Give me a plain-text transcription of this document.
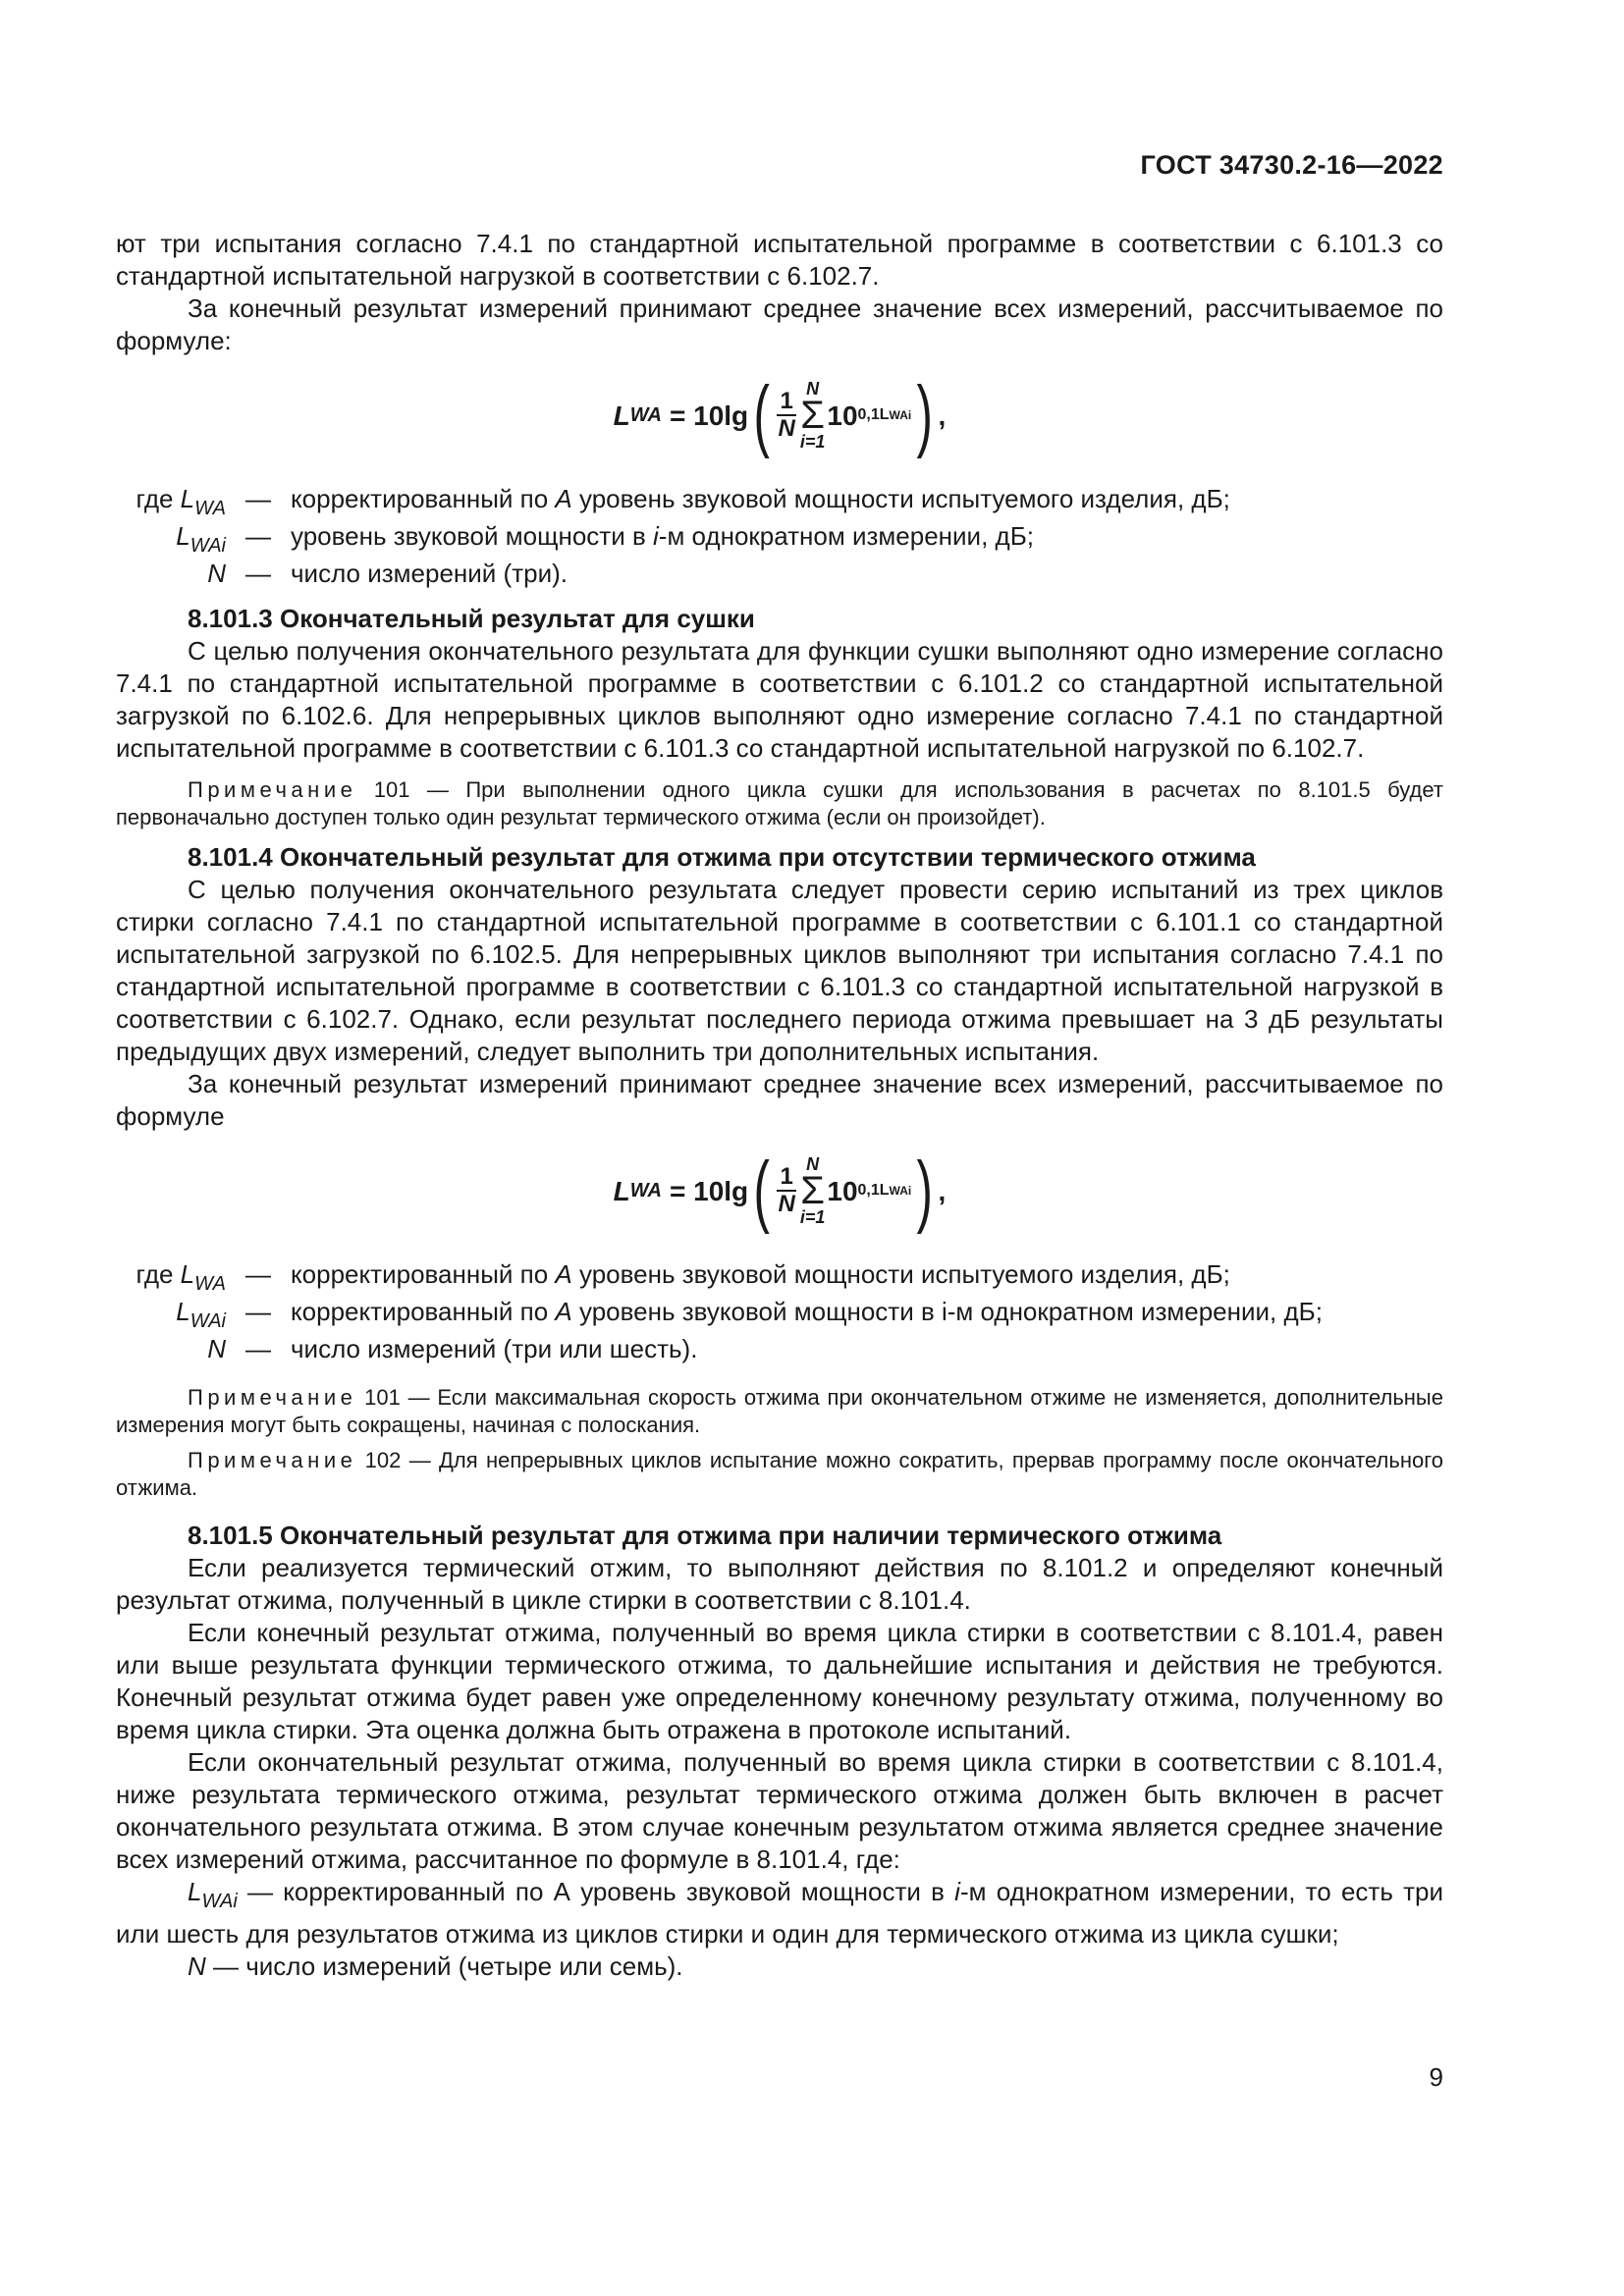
ГОСТ 34730.2-16—2022

ют три испытания согласно 7.4.1 по стандартной испытательной программе в соответствии с 6.101.3 со стандартной испытательной нагрузкой в соответствии с 6.102.7.

За конечный результат измерений принимают среднее значение всех измерений, рассчитываемое по формуле:

L WA = 10 lg ( $\frac{1}{N}$ N
Σ
i=1
10 0,1LWAi ) ,
где $L_{WA}$ — корректированный по А уровень звуковой мощности испытуемого изделия, дБ;
$L_{WAi}$ — уровень звуковой мощности в i-м однократном измерении, дБ;
N — число измерений (три).

8.101.3 Окончательный результат для сушки

С целью получения окончательного результата для функции сушки выполняют одно измерение согласно 7.4.1 по стандартной испытательной программе в соответствии с 6.101.2 со стандартной испытательной загрузкой по 6.102.6. Для непрерывных циклов выполняют одно измерение согласно 7.4.1 по стандартной испытательной программе в соответствии с 6.101.3 со стандартной испытательной нагрузкой по 6.102.7.

Примечание 101 — При выполнении одного цикла сушки для использования в расчетах по 8.101.5 будет первоначально доступен только один результат термического отжима (если он произойдет).

8.101.4 Окончательный результат для отжима при отсутствии термического отжима

С целью получения окончательного результата следует провести серию испытаний из трех циклов стирки согласно 7.4.1 по стандартной испытательной программе в соответствии с 6.101.1 со стандартной испытательной загрузкой по 6.102.5. Для непрерывных циклов выполняют три испытания согласно 7.4.1 по стандартной испытательной программе в соответствии с 6.101.3 со стандартной испытательной нагрузкой в соответствии с 6.102.7. Однако, если результат последнего периода отжима превышает на 3 дБ результаты предыдущих двух измерений, следует выполнить три дополнительных испытания.

За конечный результат измерений принимают среднее значение всех измерений, рассчитываемое по формуле

L WA = 10 lg ( $\frac{1}{N}$ N
Σ
i=1
10 0,1LWAi ) ,
где $L_{WA}$ — корректированный по А уровень звуковой мощности испытуемого изделия, дБ;
$L_{WAi}$ — корректированный по А уровень звуковой мощности в i-м однократном измерении, дБ;
N — число измерений (три или шесть).

Примечание 101 — Если максимальная скорость отжима при окончательном отжиме не изменяется, дополнительные измерения могут быть сокращены, начиная с полоскания.

Примечание 102 — Для непрерывных циклов испытание можно сократить, прервав программу после окончательного отжима.

8.101.5 Окончательный результат для отжима при наличии термического отжима

Если реализуется термический отжим, то выполняют действия по 8.101.2 и определяют конечный результат отжима, полученный в цикле стирки в соответствии с 8.101.4.

Если конечный результат отжима, полученный во время цикла стирки в соответствии с 8.101.4, равен или выше результата функции термического отжима, то дальнейшие испытания и действия не требуются. Конечный результат отжима будет равен уже определенному конечному результату отжима, полученному во время цикла стирки. Эта оценка должна быть отражена в протоколе испытаний.

Если окончательный результат отжима, полученный во время цикла стирки в соответствии с 8.101.4, ниже результата термического отжима, результат термического отжима должен быть включен в расчет окончательного результата отжима. В этом случае конечным результатом отжима является среднее значение всех измерений отжима, рассчитанное по формуле в 8.101.4, где:

$L_{WAi}$ — корректированный по А уровень звуковой мощности в i-м однократном измерении, то есть три или шесть для результатов отжима из циклов стирки и один для термического отжима из цикла сушки;

N — число измерений (четыре или семь).

9
